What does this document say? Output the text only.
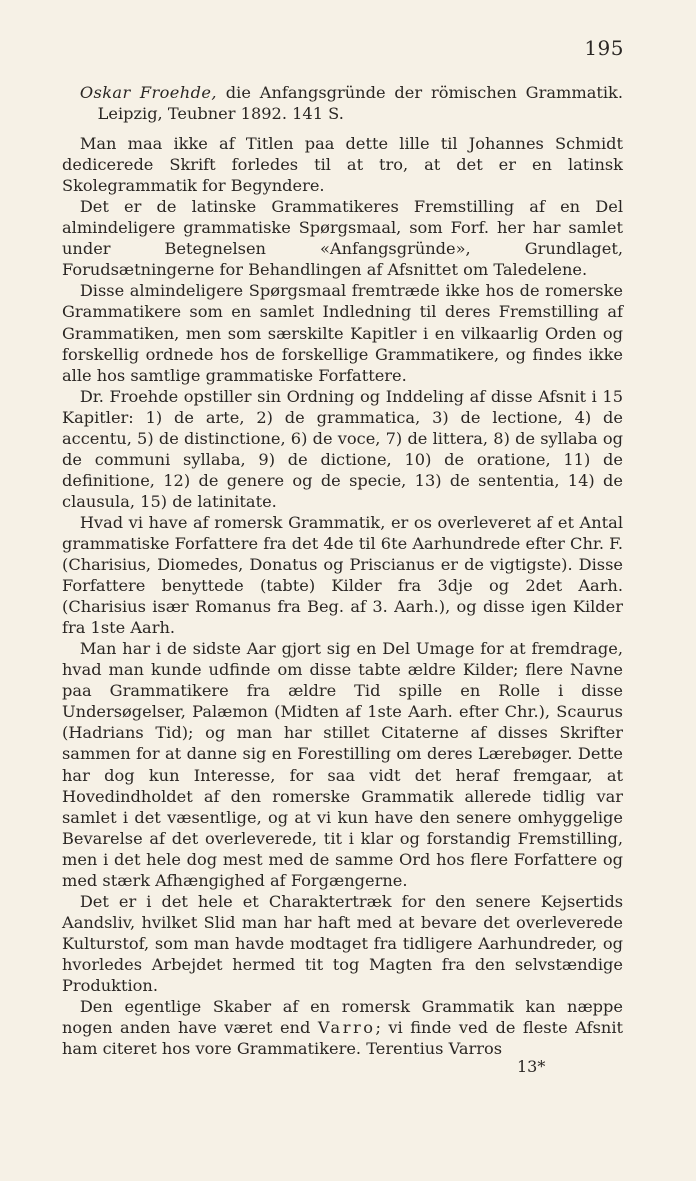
195

Oskar Froehde, die Anfangsgründe der römischen Grammatik. Leipzig, Teubner 1892. 141 S.

Man maa ikke af Titlen paa dette lille til Johannes Schmidt dedicerede Skrift forledes til at tro, at det er en latinsk Skolegrammatik for Begyndere.

Det er de latinske Grammatikeres Fremstilling af en Del almindeligere grammatiske Spørgsmaal, som Forf. her har samlet under Betegnelsen «Anfangsgründe», Grundlaget, Forudsætningerne for Behandlingen af Afsnittet om Taledelene.

Disse almindeligere Spørgsmaal fremtræde ikke hos de romerske Grammatikere som en samlet Indledning til deres Fremstilling af Grammatiken, men som særskilte Kapitler i en vilkaarlig Orden og forskellig ordnede hos de forskellige Grammatikere, og findes ikke alle hos samtlige grammatiske Forfattere.

Dr. Froehde opstiller sin Ordning og Inddeling af disse Afsnit i 15 Kapitler: 1) de arte, 2) de grammatica, 3) de lectione, 4) de accentu, 5) de distinctione, 6) de voce, 7) de littera, 8) de syllaba og de communi syllaba, 9) de dictione, 10) de oratione, 11) de definitione, 12) de genere og de specie, 13) de sententia, 14) de clausula, 15) de latinitate.

Hvad vi have af romersk Grammatik, er os overleveret af et Antal grammatiske Forfattere fra det 4de til 6te Aarhundrede efter Chr. F. (Charisius, Diomedes, Donatus og Priscianus er de vigtigste). Disse Forfattere benyttede (tabte) Kilder fra 3dje og 2det Aarh. (Charisius især Romanus fra Beg. af 3. Aarh.), og disse igen Kilder fra 1ste Aarh.

Man har i de sidste Aar gjort sig en Del Umage for at fremdrage, hvad man kunde udfinde om disse tabte ældre Kilder; flere Navne paa Grammatikere fra ældre Tid spille en Rolle i disse Undersøgelser, Palæmon (Midten af 1ste Aarh. efter Chr.), Scaurus (Hadrians Tid); og man har stillet Citaterne af disses Skrifter sammen for at danne sig en Forestilling om deres Lærebøger. Dette har dog kun Interesse, for saa vidt det heraf fremgaar, at Hovedindholdet af den romerske Grammatik allerede tidlig var samlet i det væsentlige, og at vi kun have den senere omhyggelige Bevarelse af det overleverede, tit i klar og forstandig Fremstilling, men i det hele dog mest med de samme Ord hos flere Forfattere og med stærk Afhængighed af Forgængerne.

Det er i det hele et Charaktertræk for den senere Kejsertids Aandsliv, hvilket Slid man har haft med at bevare det overleverede Kulturstof, som man havde modtaget fra tidligere Aarhundreder, og hvorledes Arbejdet hermed tit tog Magten fra den selvstændige Produktion.

Den egentlige Skaber af en romersk Grammatik kan næppe nogen anden have været end Varro; vi finde ved de fleste Afsnit ham citeret hos vore Grammatikere. Terentius Varros

13*
